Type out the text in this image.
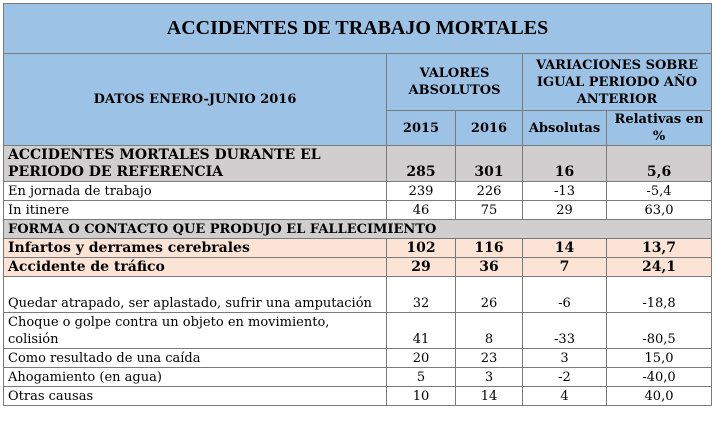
ACCIDENTES DE TRABAJO MORTALES				
DATOS ENERO-JUNIO 2016	VALORES ABSOLUTOS		VARIACIONES SOBRE IGUAL PERIODO AÑO ANTERIOR	
	2015	2016	Absolutas	Relativas en %
ACCIDENTES MORTALES DURANTE EL PERIODO DE REFERENCIA	285	301	16	5,6
En jornada de trabajo	239	226	-13	-5,4
In itinere	46	75	29	63,0
FORMA O CONTACTO QUE PRODUJO EL FALLECIMIENTO				
Infartos y derrames cerebrales	102	116	14	13,7
Accidente de tráfico	29	36	7	24,1
Quedar atrapado, ser aplastado, sufrir una amputación	32	26	-6	-18,8
Choque o golpe contra un objeto en movimiento, colisión	41	8	-33	-80,5
Como resultado de una caída	20	23	3	15,0
Ahogamiento (en agua)	5	3	-2	-40,0
Otras causas	10	14	4	40,0
